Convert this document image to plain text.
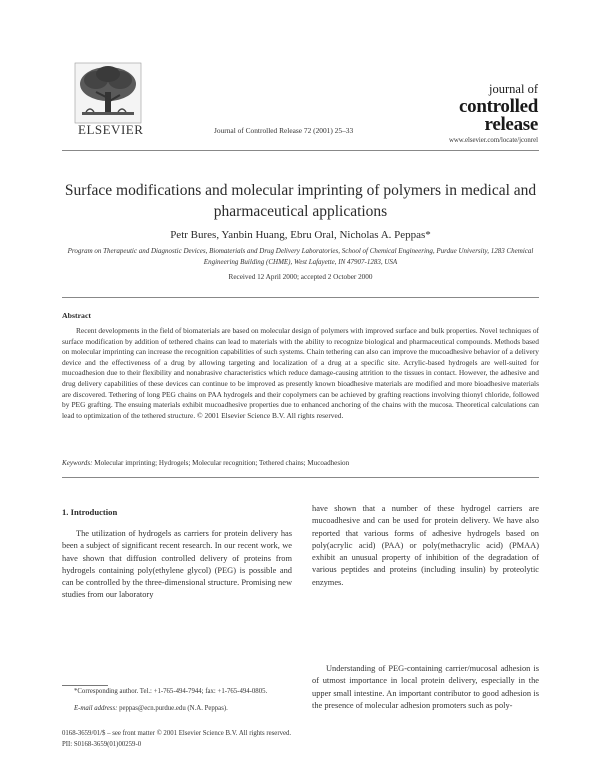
ELSEVIER	Journal of Controlled Release 72 (2001) 25–33
journal of
controlled
release
www.elsevier.com/locate/jconrel
Surface modifications and molecular imprinting of polymers in medical and pharmaceutical applications
Petr Bures, Yanbin Huang, Ebru Oral, Nicholas A. Peppas*
Program on Therapeutic and Diagnostic Devices, Biomaterials and Drug Delivery Laboratories, School of Chemical Engineering, Purdue University, 1283 Chemical Engineering Building (CHME), West Lafayette, IN 47907-1283, USA
Received 12 April 2000; accepted 2 October 2000
Abstract
Recent developments in the field of biomaterials are based on molecular design of polymers with improved surface and bulk properties. Novel techniques of surface modification by addition of tethered chains can lead to materials with the ability to recognize biological and pharmaceutical compounds. Methods based on molecular imprinting can increase the recognition capabilities of such systems. Chain tethering can also can improve the mucoadhesive behavior of a delivery device and the effectiveness of a drug by allowing targeting and localization of a drug at a specific site. Acrylic-based hydrogels are well-suited for mucoadhesion due to their flexibility and nonabrasive characteristics which reduce damage-causing attrition to the tissues in contact. However, the adhesive and drug delivery capabilities of these devices can continue to be improved as presently known bioadhesive materials are modified and more bioadhesive materials are discovered. Tethering of long PEG chains on PAA hydrogels and their copolymers can be achieved by grafting reactions involving thionyl chloride, followed by PEG grafting. The ensuing materials exhibit mucoadhesive properties due to enhanced anchoring of the chains with the mucosa. Theoretical calculations can lead to optimization of the tethered structure. © 2001 Elsevier Science B.V. All rights reserved.
Keywords: Molecular imprinting; Hydrogels; Molecular recognition; Tethered chains; Mucoadhesion
1. Introduction
The utilization of hydrogels as carriers for protein delivery has been a subject of significant recent research. In our recent work, we have shown that diffusion controlled delivery of proteins from hydrogels containing poly(ethylene glycol) (PEG) is possible and can be controlled by the three-dimensional structure. Promising new studies from our laboratory
have shown that a number of these hydrogel carriers are mucoadhesive and can be used for protein delivery. We have also reported that various forms of adhesive hydrogels based on poly(acrylic acid) (PAA) or poly(methacrylic acid) (PMAA) exhibit an unusual property of inhibition of the degradation of various peptides and proteins (including insulin) by proteolytic enzymes.
Understanding of PEG-containing carrier/mucosal adhesion is of utmost importance in local protein delivery, especially in the upper small intestine. An important contributor to good adhesion is the presence of molecular adhesion promoters such as poly-
*Corresponding author. Tel.: +1-765-494-7944; fax: +1-765-494-0805.
E-mail address: peppas@ecn.purdue.edu (N.A. Peppas).
0168-3659/01/$ – see front matter © 2001 Elsevier Science B.V. All rights reserved.
PII: S0168-3659(01)00259-0
